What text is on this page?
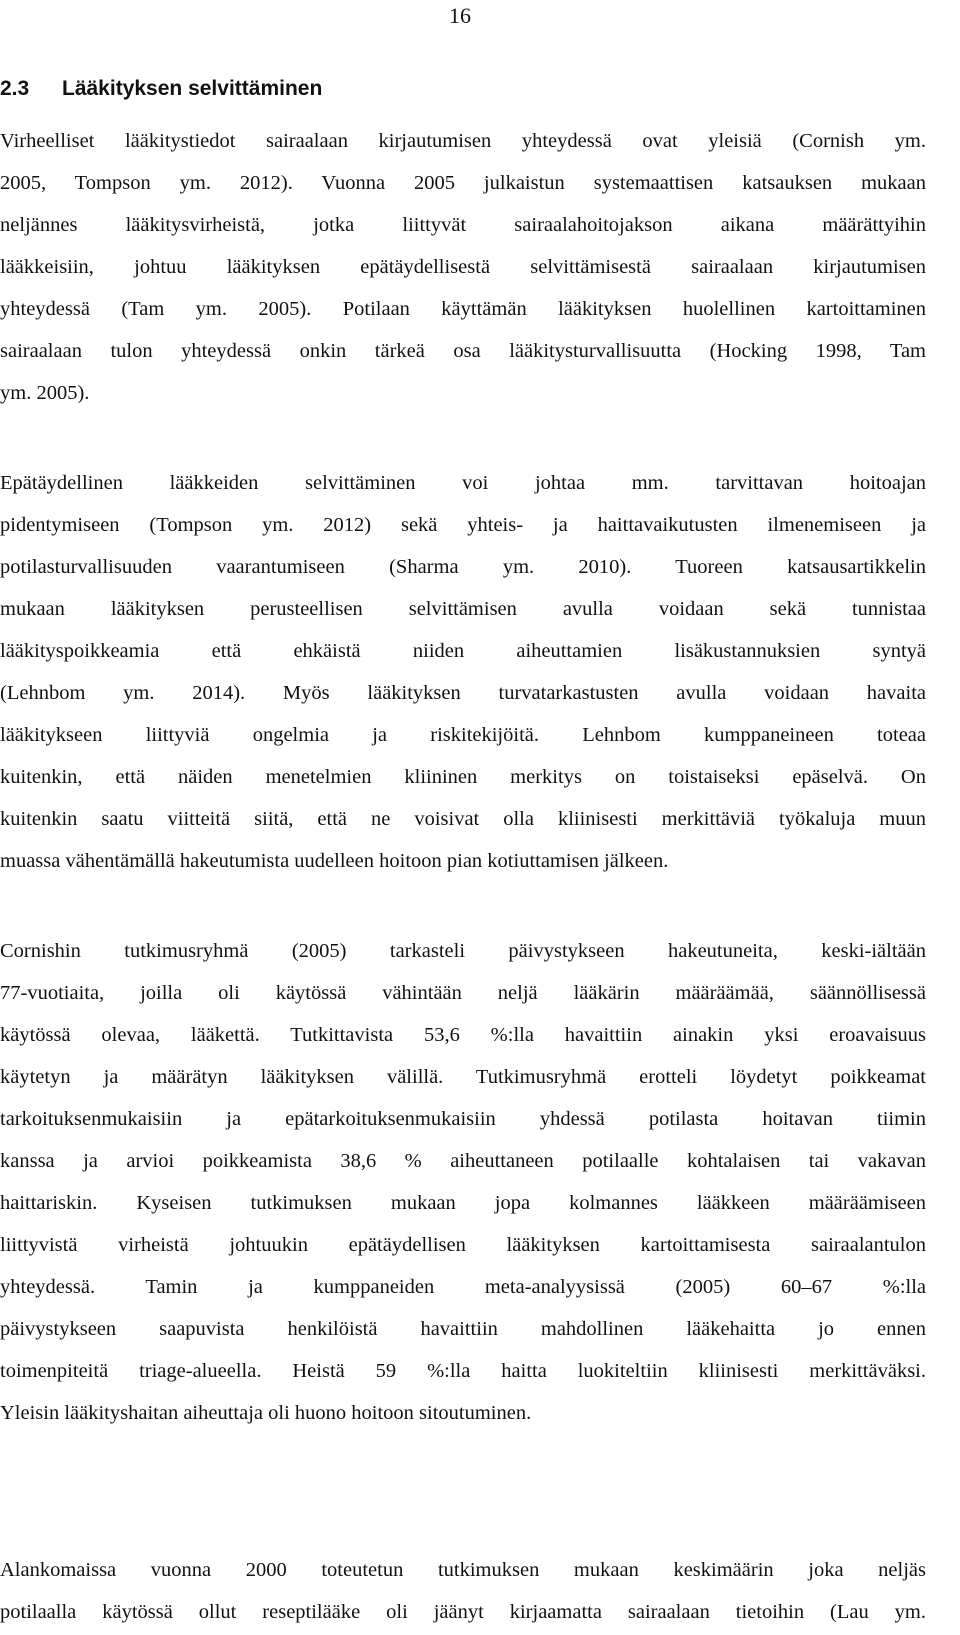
16
2.3 Lääkityksen selvittäminen
Virheelliset lääkitystiedot sairaalaan kirjautumisen yhteydessä ovat yleisiä (Cornish ym.
2005, Tompson ym. 2012). Vuonna 2005 julkaistun systemaattisen katsauksen mukaan
neljännes lääkitysvirheistä, jotka liittyvät sairaalahoitojakson aikana määrättyihin
lääkkeisiin, johtuu lääkityksen epätäydellisestä selvittämisestä sairaalaan kirjautumisen
yhteydessä (Tam ym. 2005). Potilaan käyttämän lääkityksen huolellinen kartoittaminen
sairaalaan tulon yhteydessä onkin tärkeä osa lääkitysturvallisuutta (Hocking 1998, Tam
ym. 2005).
Epätäydellinen lääkkeiden selvittäminen voi johtaa mm. tarvittavan hoitoajan
pidentymiseen (Tompson ym. 2012) sekä yhteis- ja haittavaikutusten ilmenemiseen ja
potilasturvallisuuden vaarantumiseen (Sharma ym. 2010). Tuoreen katsausartikkelin
mukaan lääkityksen perusteellisen selvittämisen avulla voidaan sekä tunnistaa
lääkityspoikkeamia että ehkäistä niiden aiheuttamien lisäkustannuksien syntyä
(Lehnbom ym. 2014). Myös lääkityksen turvatarkastusten avulla voidaan havaita
lääkitykseen liittyviä ongelmia ja riskitekijöitä. Lehnbom kumppaneineen toteaa
kuitenkin, että näiden menetelmien kliininen merkitys on toistaiseksi epäselvä. On
kuitenkin saatu viitteitä siitä, että ne voisivat olla kliinisesti merkittäviä työkaluja muun
muassa vähentämällä hakeutumista uudelleen hoitoon pian kotiuttamisen jälkeen.
Cornishin tutkimusryhmä (2005) tarkasteli päivystykseen hakeutuneita, keski-iältään
77-vuotiaita, joilla oli käytössä vähintään neljä lääkärin määräämää, säännöllisessä
käytössä olevaa, lääkettä. Tutkittavista 53,6 %:lla havaittiin ainakin yksi eroavaisuus
käytetyn ja määrätyn lääkityksen välillä. Tutkimusryhmä erotteli löydetyt poikkeamat
tarkoituksenmukaisiin ja epätarkoituksenmukaisiin yhdessä potilasta hoitavan tiimin
kanssa ja arvioi poikkeamista 38,6 % aiheuttaneen potilaalle kohtalaisen tai vakavan
haittariskin. Kyseisen tutkimuksen mukaan jopa kolmannes lääkkeen määräämiseen
liittyvistä virheistä johtuukin epätäydellisen lääkityksen kartoittamisesta sairaalantulon
yhteydessä. Tamin ja kumppaneiden meta-analyysissä (2005) 60–67 %:lla
päivystykseen saapuvista henkilöistä havaittiin mahdollinen lääkehaitta jo ennen
toimenpiteitä triage-alueella. Heistä 59 %:lla haitta luokiteltiin kliinisesti merkittäväksi.
Yleisin lääkityshaitan aiheuttaja oli huono hoitoon sitoutuminen.
Alankomaissa vuonna 2000 toteutetun tutkimuksen mukaan keskimäärin joka neljäs
potilaalla käytössä ollut reseptilääke oli jäänyt kirjaamatta sairaalaan tietoihin (Lau ym.
